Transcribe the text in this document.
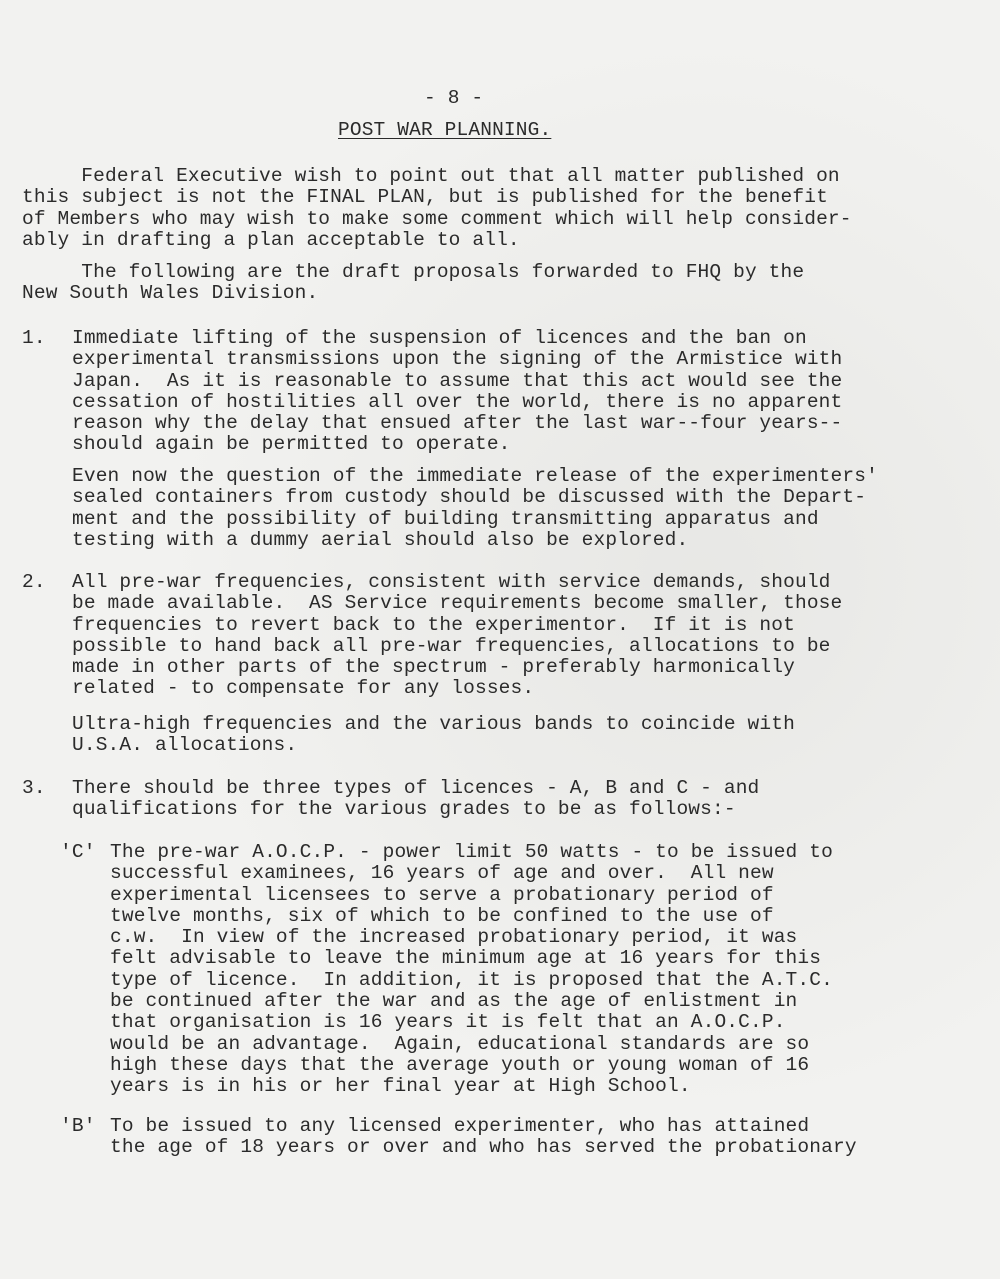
- 8 -
POST WAR PLANNING.
Federal Executive wish to point out that all matter published on
this subject is not the FINAL PLAN, but is published for the benefit
of Members who may wish to make some comment which will help consider-
ably in drafting a plan acceptable to all.
The following are the draft proposals forwarded to FHQ by the
New South Wales Division.
1. Immediate lifting of the suspension of licences and the ban on
experimental transmissions upon the signing of the Armistice with
Japan.  As it is reasonable to assume that this act would see the
cessation of hostilities all over the world, there is no apparent
reason why the delay that ensued after the last war--four years--
should again be permitted to operate.
Even now the question of the immediate release of the experimenters'
sealed containers from custody should be discussed with the Depart-
ment and the possibility of building transmitting apparatus and
testing with a dummy aerial should also be explored.
2. All pre-war frequencies, consistent with service demands, should
be made available.  AS Service requirements become smaller, those
frequencies to revert back to the experimentor.  If it is not
possible to hand back all pre-war frequencies, allocations to be
made in other parts of the spectrum - preferably harmonically
related - to compensate for any losses.
Ultra-high frequencies and the various bands to coincide with
U.S.A. allocations.
3. There should be three types of licences - A, B and C - and
qualifications for the various grades to be as follows:-
'C' The pre-war A.O.C.P. - power limit 50 watts - to be issued to
successful examinees, 16 years of age and over.  All new
experimental licensees to serve a probationary period of
twelve months, six of which to be confined to the use of
c.w.  In view of the increased probationary period, it was
felt advisable to leave the minimum age at 16 years for this
type of licence.  In addition, it is proposed that the A.T.C.
be continued after the war and as the age of enlistment in
that organisation is 16 years it is felt that an A.O.C.P.
would be an advantage.  Again, educational standards are so
high these days that the average youth or young woman of 16
years is in his or her final year at High School.
'B' To be issued to any licensed experimenter, who has attained
the age of 18 years or over and who has served the probationary
